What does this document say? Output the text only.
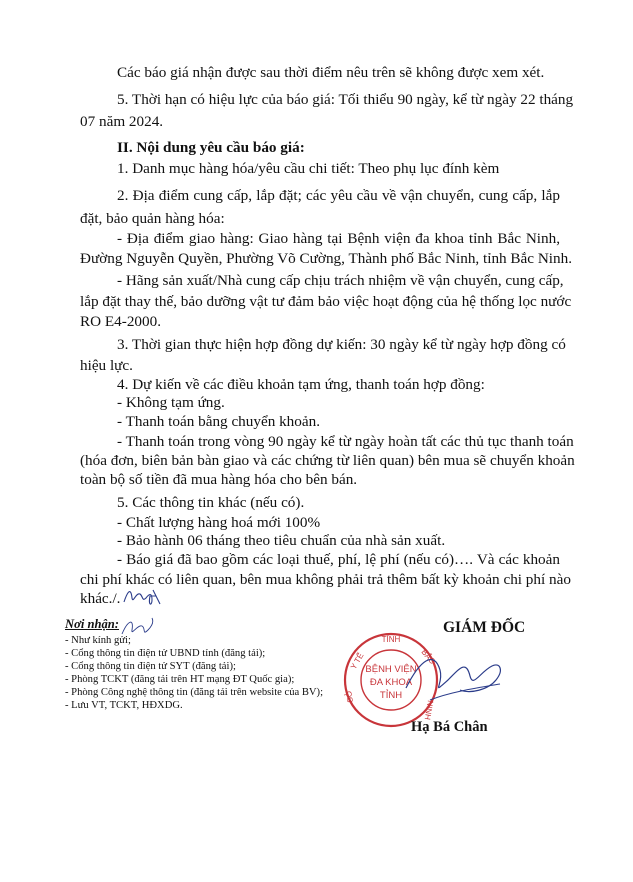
Các báo giá nhận được sau thời điểm nêu trên sẽ không được xem xét.
5. Thời hạn có hiệu lực của báo giá: Tối thiểu 90 ngày, kể từ ngày 22 tháng
07 năm 2024.
II. Nội dung yêu cầu báo giá:
1. Danh mục hàng hóa/yêu cầu chi tiết: Theo phụ lục đính kèm
2. Địa điểm cung cấp, lắp đặt; các yêu cầu về vận chuyển, cung cấp, lắp
đặt, bảo quản hàng hóa:
- Địa điểm giao hàng: Giao hàng tại Bệnh viện đa khoa tỉnh Bắc Ninh,
Đường Nguyễn Quyền, Phường Võ Cường, Thành phố Bắc Ninh, tỉnh Bắc Ninh.
- Hãng sản xuất/Nhà cung cấp chịu trách nhiệm về vận chuyển, cung cấp,
lắp đặt thay thế, bảo dưỡng vật tư đảm bảo việc hoạt động của hệ thống lọc nước
RO E4-2000.
3. Thời gian thực hiện hợp đồng dự kiến: 30 ngày kể từ ngày hợp đồng có
hiệu lực.
4. Dự kiến về các điều khoản tạm ứng, thanh toán hợp đồng:
- Không tạm ứng.
- Thanh toán bằng chuyển khoản.
- Thanh toán trong vòng 90 ngày kể từ ngày hoàn tất các thủ tục thanh toán
(hóa đơn, biên bản bàn giao và các chứng từ liên quan) bên mua sẽ chuyển khoản
toàn bộ số tiền đã mua hàng hóa cho bên bán.
5. Các thông tin khác (nếu có).
- Chất lượng hàng hoá mới 100%
- Bảo hành 06 tháng theo tiêu chuẩn của nhà sản xuất.
- Báo giá đã bao gồm các loại thuế, phí, lệ phí (nếu có)…. Và các khoản
chi phí khác có liên quan, bên mua không phải trả thêm bất kỳ khoản chi phí nào
khác./.
Nơi nhận:
- Như kính gửi;
- Cổng thông tin điện tử UBND tỉnh (đăng tải);
- Cổng thông tin điện tử SYT (đăng tải);
- Phòng TCKT (đăng tải trên HT mạng ĐT Quốc gia);
- Phòng Công nghệ thông tin (đăng tải trên website của BV);
- Lưu VT, TCKT, HĐXDG.
GIÁM ĐỐC
TỈNH
Y TẾ	BẮC
SỞ
NINH
BỆNH VIỆN
ĐA KHOA
TỈNH
Hạ Bá Chân
